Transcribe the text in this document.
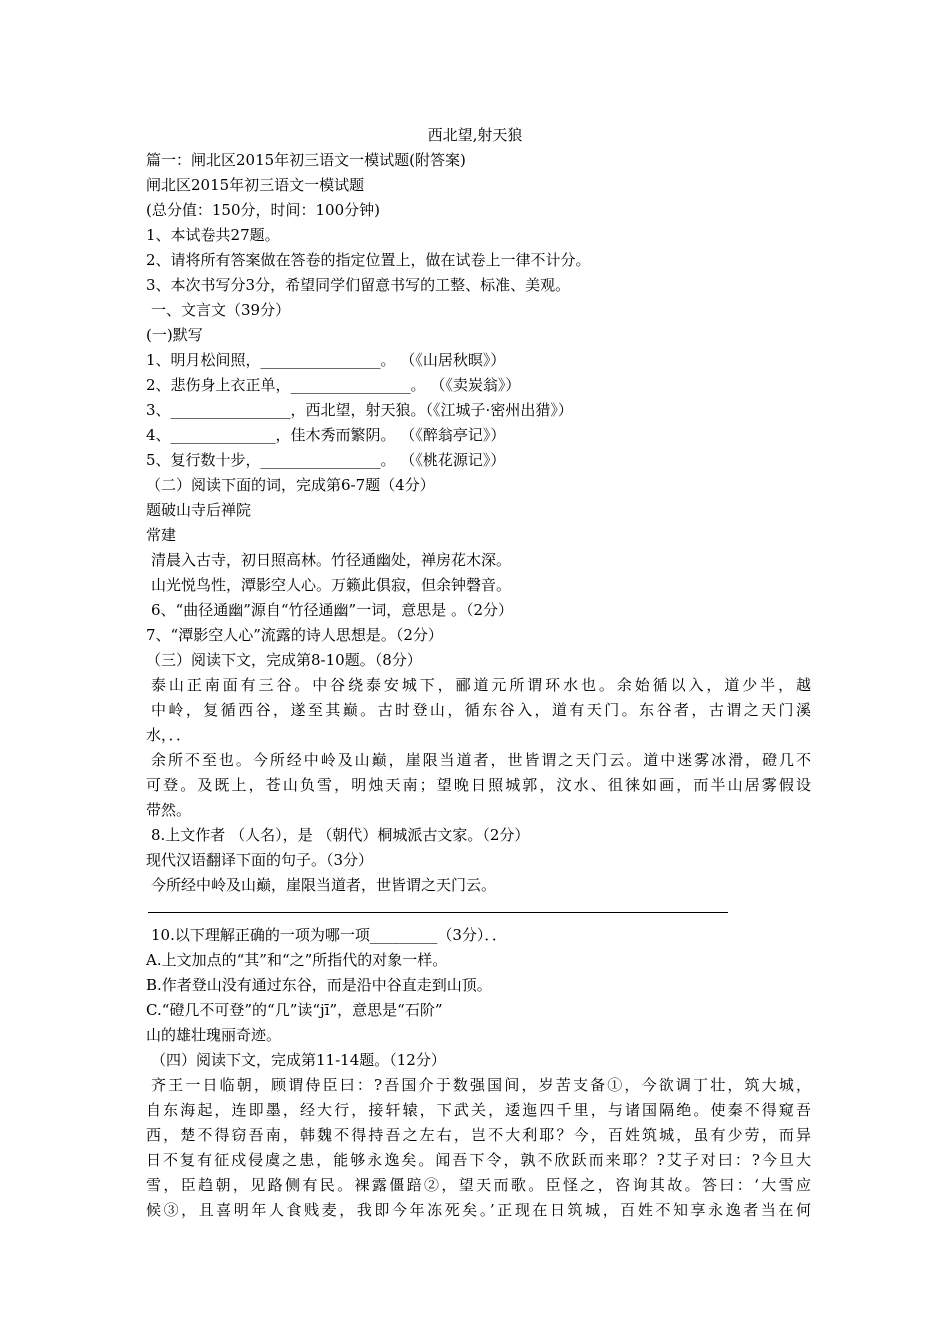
西北望,射天狼
篇一：闸北区2015年初三语文一模试题(附答案)
闸北区2015年初三语文一模试题
(总分值：150分，时间：100分钟)
1、本试卷共27题。
2、请将所有答案做在答卷的指定位置上，做在试卷上一律不计分。
3、本次书写分3分，希望同学们留意书写的工整、标准、美观。
一、文言文（39分）
(一)默写
1、明月松间照，________________。 （《山居秋暝》）
2、悲伤身上衣正单，________________。 （《卖炭翁》）
3、________________，西北望，射天狼。（《江城子·密州出猎》）
4、______________，佳木秀而繁阴。 （《醉翁亭记》）
5、复行数十步，________________。 （《桃花源记》）
（二）阅读下面的词，完成第6-7题（4分）
题破山寺后禅院
常建
清晨入古寺，初日照高林。竹径通幽处，禅房花木深。
山光悦鸟性，潭影空人心。万籁此俱寂，但余钟磬音。
6、“曲径通幽”源自“竹径通幽”一词，意思是 。（2分）
7、“潭影空人心”流露的诗人思想是。（2分）
（三）阅读下文，完成第8-10题。（8分）
泰山正南面有三谷。中谷绕泰安城下，郦道元所谓环水也。余始循以入，道少半，越
中岭，复循西谷，遂至其巅。古时登山，循东谷入，道有天门。东谷者，古谓之天门溪
水，．．
余所不至也。今所经中岭及山巅，崖限当道者，世皆谓之天门云。道中迷雾冰滑，磴几不
可登。及既上，苍山负雪，明烛天南；望晚日照城郭，汶水、徂徕如画，而半山居雾假设
带然。
8.上文作者 （人名），是 （朝代）桐城派古文家。（2分）
现代汉语翻译下面的句子。（3分）
今所经中岭及山巅，崖限当道者，世皆谓之天门云。
10.以下理解正确的一项为哪一项_________（3分）．．
A.上文加点的“其”和“之”所指代的对象一样。
B.作者登山没有通过东谷，而是沿中谷直走到山顶。
C.“磴几不可登”的“几”读“jī”，意思是“石阶”
山的雄壮瑰丽奇迹。
（四）阅读下文，完成第11-14题。（12分）
齐王一日临朝，顾谓侍臣曰：?吾国介于数强国间，岁苦支备①，今欲调丁壮，筑大城，
自东海起，连即墨，经大行，接轩辕，下武关，逶迤四千里，与诸国隔绝。使秦不得窥吾
西，楚不得窃吾南，韩魏不得持吾之左右，岂不大利耶？今，百姓筑城，虽有少劳，而异
日不复有征戍侵虞之患，能够永逸矣。闻吾下令，孰不欣跃而来耶？?艾子对曰：?今旦大
雪，臣趋朝，见路侧有民。裸露僵踣②，望天而歌。臣怪之，咨询其故。答曰：‘大雪应
候③，且喜明年人食贱麦，我即今年冻死矣。’正现在日筑城，百姓不知享永逸者当在何
